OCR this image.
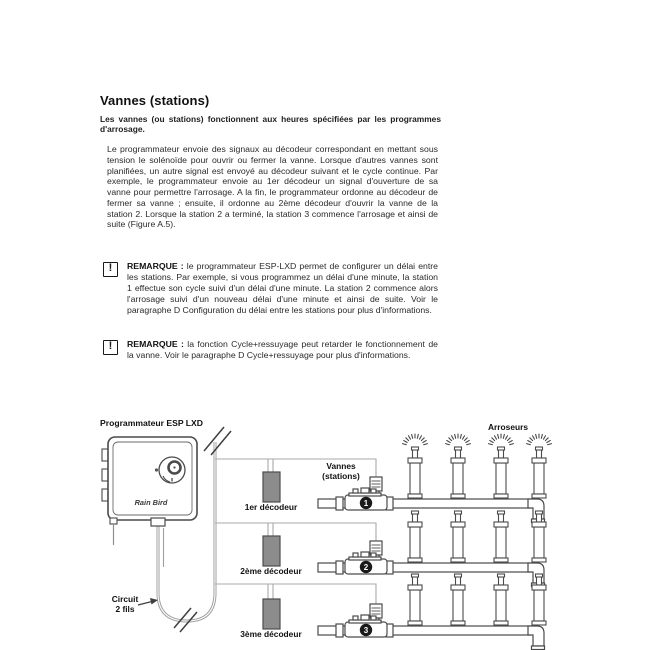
Vannes (stations)
Les vannes (ou stations) fonctionnent aux heures spécifiées par les programmes d'arrosage.
Le programmateur envoie des signaux au décodeur correspondant en mettant sous tension le solénoïde pour ouvrir ou fermer la vanne. Lorsque d'autres vannes sont planifiées, un autre signal est envoyé au décodeur suivant et le cycle continue. Par exemple, le programmateur envoie au 1er décodeur un signal d'ouverture de sa vanne pour permettre l'arrosage. A la fin, le programmateur ordonne au décodeur de fermer sa vanne ; ensuite, il ordonne au 2ème décodeur d'ouvrir la vanne de la station 2. Lorsque la station 2 a terminé, la station 3 commence l'arrosage et ainsi de suite (Figure A.5).
!	REMARQUE : le programmateur ESP-LXD permet de configurer un délai entre les stations. Par exemple, si vous programmez un délai d'une minute, la station 1 effectue son cycle suivi d'un délai d'une minute. La station 2 commence alors l'arrosage suivi d'un nouveau délai d'une minute et ainsi de suite. Voir le paragraphe D Configuration du délai entre les stations pour plus d'informations.
!	REMARQUE : la fonction Cycle+ressuyage peut retarder le fonctionnement de la vanne. Voir le paragraphe D Cycle+ressuyage pour plus d'informations.
Rain Bird	1
2
3
Programmateur ESP LXD	Arroseurs
Vannes
(stations)
1er décodeur
2ème décodeur
3ème décodeur
Circuit
2 fils
